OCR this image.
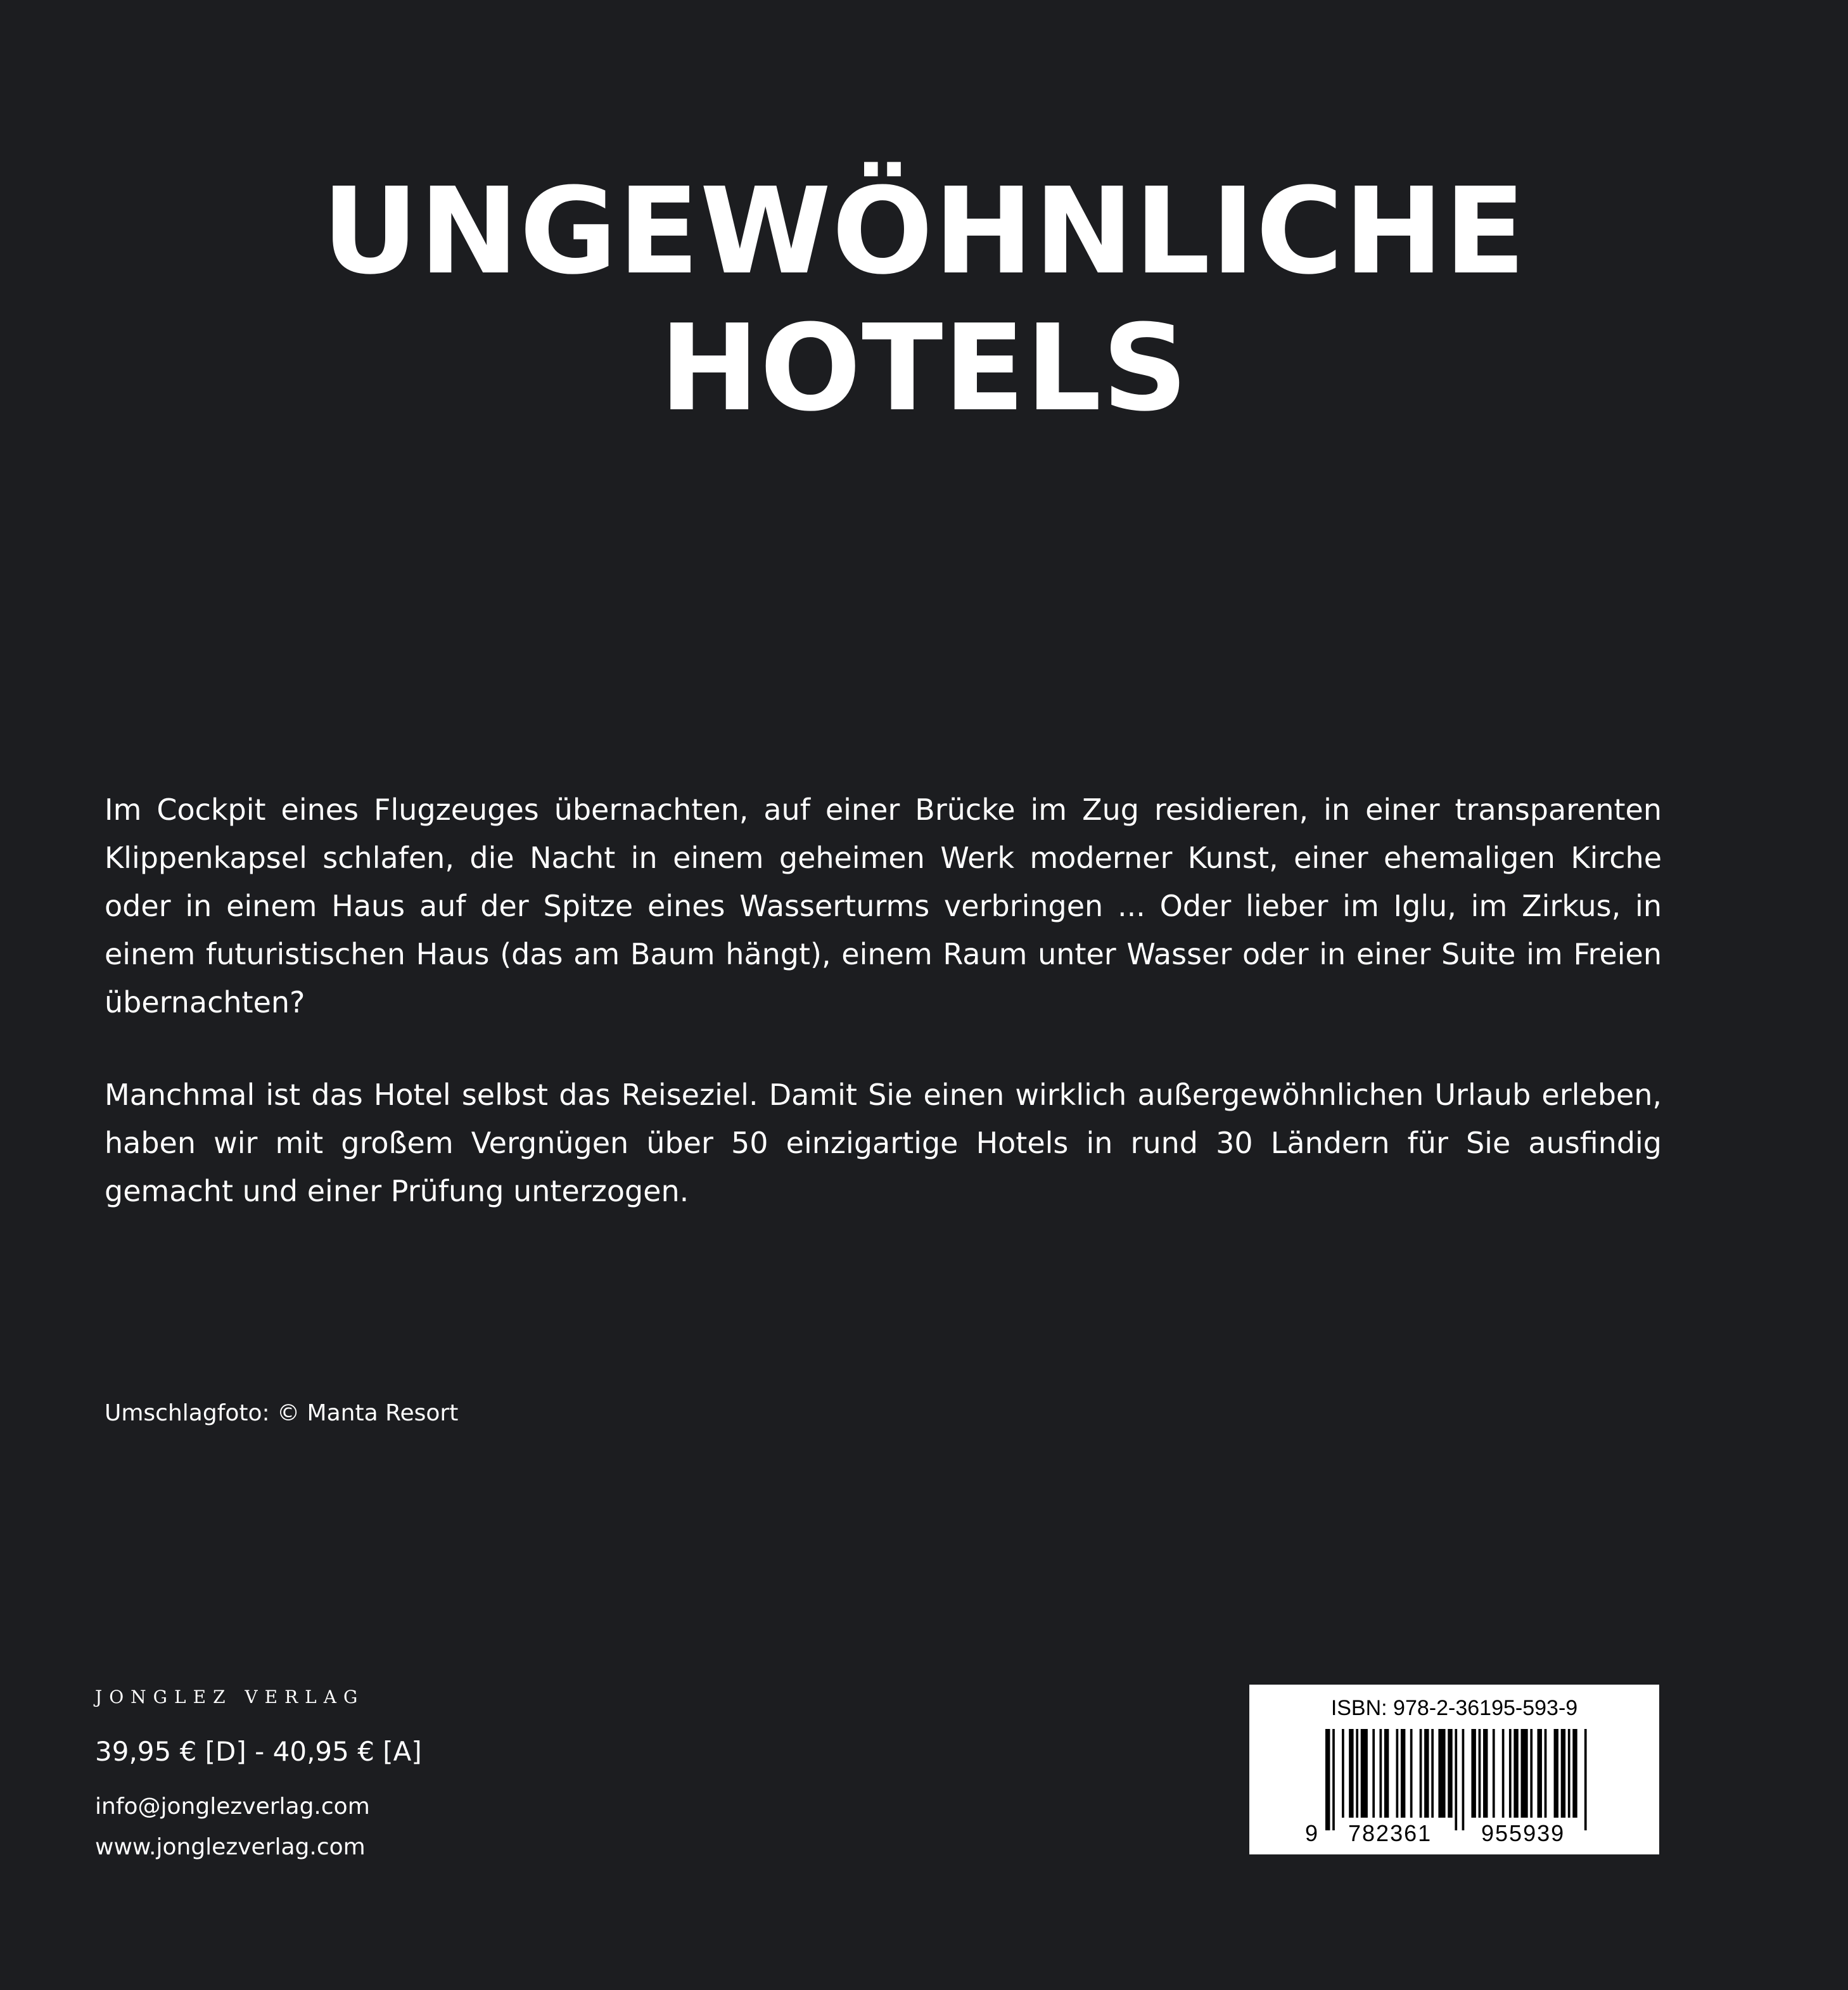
UNGEWÖHNLICHE
HOTELS

Im Cockpit eines Flugzeuges übernachten, auf einer Brücke im Zug residieren, in einer transparenten Klippenkapsel schlafen, die Nacht in einem geheimen Werk moderner Kunst, einer ehemaligen Kirche oder in einem Haus auf der Spitze eines Wasserturms verbringen ... Oder lieber im Iglu, im Zirkus, in einem futuristischen Haus (das am Baum hängt), einem Raum unter Wasser oder in einer Suite im Freien übernachten?

Manchmal ist das Hotel selbst das Reiseziel. Damit Sie einen wirklich außergewöhnlichen Urlaub erleben, haben wir mit großem Vergnügen über 50 einzigartige Hotels in rund 30 Ländern für Sie ausfindig gemacht und einer Prüfung unterzogen.

Umschlagfoto: © Manta Resort
JONGLEZ VERLAG
39,95 € [D] - 40,95 € [A]
info@jonglezverlag.com
www.jonglezverlag.com
ISBN: 978-2-36195-593-9
9 782361 955939
